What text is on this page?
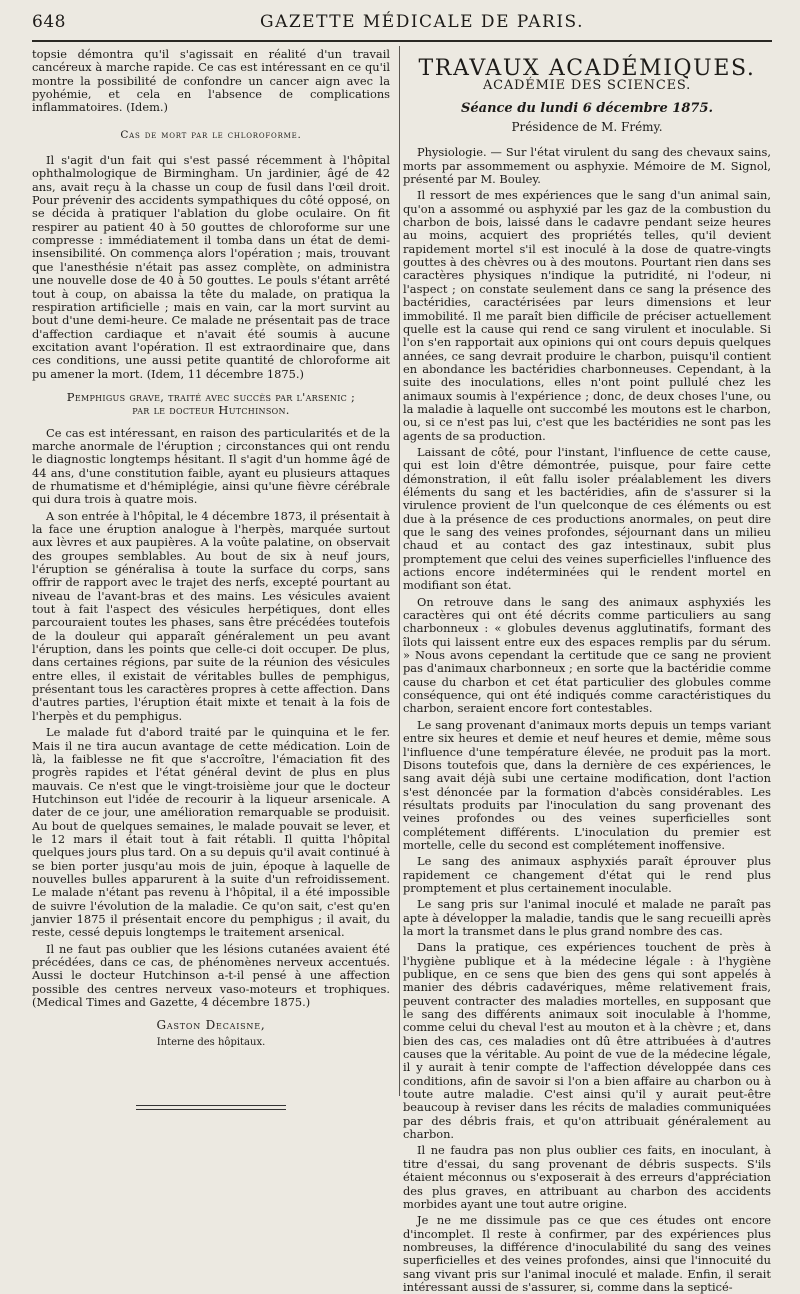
648	GAZETTE MÉDICALE DE PARIS.

topsie démontra qu'il s'agissait en réalité d'un travail cancéreux à marche rapide. Ce cas est intéressant en ce qu'il montre la possibilité de confondre un cancer aign avec la pyohémie, et cela en l'absence de complications inflammatoires. (Idem.)

Cas de mort par le chloroforme.

Il s'agit d'un fait qui s'est passé récemment à l'hôpital ophthalmologique de Birmingham. Un jardinier, âgé de 42 ans, avait reçu à la chasse un coup de fusil dans l'œil droit. Pour prévenir des accidents sympathiques du côté opposé, on se décida à pratiquer l'ablation du globe oculaire. On fit respirer au patient 40 à 50 gouttes de chloroforme sur une compresse : immédiatement il tomba dans un état de demi-insensibilité. On commença alors l'opération ; mais, trouvant que l'anesthésie n'était pas assez complète, on administra une nouvelle dose de 40 à 50 gouttes. Le pouls s'étant arrêté tout à coup, on abaissa la tête du malade, on pratiqua la respiration artificielle ; mais en vain, car la mort survint au bout d'une demi-heure. Ce malade ne présentait pas de trace d'affection cardiaque et n'avait été soumis à aucune excitation avant l'opération. Il est extraordinaire que, dans ces conditions, une aussi petite quantité de chloroforme ait pu amener la mort. (Idem, 11 décembre 1875.)

Pemphigus grave, traité avec succès par l'arsenic ;
par le docteur Hutchinson.

Ce cas est intéressant, en raison des particularités et de la marche anormale de l'éruption ; circonstances qui ont rendu le diagnostic longtemps hésitant. Il s'agit d'un homme âgé de 44 ans, d'une constitution faible, ayant eu plusieurs attaques de rhumatisme et d'hémiplégie, ainsi qu'une fièvre cérébrale qui dura trois à quatre mois.

A son entrée à l'hôpital, le 4 décembre 1873, il présentait à la face une éruption analogue à l'herpès, marquée surtout aux lèvres et aux paupières. A la voûte palatine, on observait des groupes semblables. Au bout de six à neuf jours, l'éruption se généralisa à toute la surface du corps, sans offrir de rapport avec le trajet des nerfs, excepté pourtant au niveau de l'avant-bras et des mains. Les vésicules avaient tout à fait l'aspect des vésicules herpétiques, dont elles parcouraient toutes les phases, sans être précédées toutefois de la douleur qui apparaît généralement un peu avant l'éruption, dans les points que celle-ci doit occuper. De plus, dans certaines régions, par suite de la réunion des vésicules entre elles, il existait de véritables bulles de pemphigus, présentant tous les caractères propres à cette affection. Dans d'autres parties, l'éruption était mixte et tenait à la fois de l'herpès et du pemphigus.

Le malade fut d'abord traité par le quinquina et le fer. Mais il ne tira aucun avantage de cette médication. Loin de là, la faiblesse ne fit que s'accroître, l'émaciation fit des progrès rapides et l'état général devint de plus en plus mauvais. Ce n'est que le vingt-troisième jour que le docteur Hutchinson eut l'idée de recourir à la liqueur arsenicale. A dater de ce jour, une amélioration remarquable se produisit. Au bout de quelques semaines, le malade pouvait se lever, et le 12 mars il était tout à fait rétabli. Il quitta l'hôpital quelques jours plus tard. On a su depuis qu'il avait continué à se bien porter jusqu'au mois de juin, époque à laquelle de nouvelles bulles apparurent à la suite d'un refroidissement. Le malade n'étant pas revenu à l'hôpital, il a été impossible de suivre l'évolution de la maladie. Ce qu'on sait, c'est qu'en janvier 1875 il présentait encore du pemphigus ; il avait, du reste, cessé depuis longtemps le traitement arsenical.

Il ne faut pas oublier que les lésions cutanées avaient été précédées, dans ce cas, de phénomènes nerveux accentués. Aussi le docteur Hutchinson a-t-il pensé à une affection possible des centres nerveux vaso-moteurs et trophiques. (Medical Times and Gazette, 4 décembre 1875.)

Gaston Decaisne,
Interne des hôpitaux.
TRAVAUX ACADÉMIQUES.
ACADÉMIE DES SCIENCES.
Séance du lundi 6 décembre 1875.
Présidence de M. Frémy.

Physiologie. — Sur l'état virulent du sang des chevaux sains, morts par assommement ou asphyxie. Mémoire de M. Signol, présenté par M. Bouley.

Il ressort de mes expériences que le sang d'un animal sain, qu'on a assommé ou asphyxié par les gaz de la combustion du charbon de bois, laissé dans le cadavre pendant seize heures au moins, acquiert des propriétés telles, qu'il devient rapidement mortel s'il est inoculé à la dose de quatre-vingts gouttes à des chèvres ou à des moutons. Pourtant rien dans ses caractères physiques n'indique la putridité, ni l'odeur, ni l'aspect ; on constate seulement dans ce sang la présence des bactéridies, caractérisées par leurs dimensions et leur immobilité. Il me paraît bien difficile de préciser actuellement quelle est la cause qui rend ce sang virulent et inoculable. Si l'on s'en rapportait aux opinions qui ont cours depuis quelques années, ce sang devrait produire le charbon, puisqu'il contient en abondance les bactéridies charbonneuses. Cependant, à la suite des inoculations, elles n'ont point pullulé chez les animaux soumis à l'expérience ; donc, de deux choses l'une, ou la maladie à laquelle ont succombé les moutons est le charbon, ou, si ce n'est pas lui, c'est que les bactéridies ne sont pas les agents de sa production.

Laissant de côté, pour l'instant, l'influence de cette cause, qui est loin d'être démontrée, puisque, pour faire cette démonstration, il eût fallu isoler préalablement les divers éléments du sang et les bactéridies, afin de s'assurer si la virulence provient de l'un quelconque de ces éléments ou est due à la présence de ces productions anormales, on peut dire que le sang des veines profondes, séjournant dans un milieu chaud et au contact des gaz intestinaux, subit plus promptement que celui des veines superficielles l'influence des actions encore indéterminées qui le rendent mortel en modifiant son état.

On retrouve dans le sang des animaux asphyxiés les caractères qui ont été décrits comme particuliers au sang charbonneux : « globules devenus agglutinatifs, formant des îlots qui laissent entre eux des espaces remplis par du sérum. » Nous avons cependant la certitude que ce sang ne provient pas d'animaux charbonneux ; en sorte que la bactéridie comme cause du charbon et cet état particulier des globules comme conséquence, qui ont été indiqués comme caractéristiques du charbon, seraient encore fort contestables.

Le sang provenant d'animaux morts depuis un temps variant entre six heures et demie et neuf heures et demie, même sous l'influence d'une température élevée, ne produit pas la mort. Disons toutefois que, dans la dernière de ces expériences, le sang avait déjà subi une certaine modification, dont l'action s'est dénoncée par la formation d'abcès considérables. Les résultats produits par l'inoculation du sang provenant des veines profondes ou des veines superficielles sont complétement différents. L'inoculation du premier est mortelle, celle du second est complétement inoffensive.

Le sang des animaux asphyxiés paraît éprouver plus rapidement ce changement d'état qui le rend plus promptement et plus certainement inoculable.

Le sang pris sur l'animal inoculé et malade ne paraît pas apte à développer la maladie, tandis que le sang recueilli après la mort la transmet dans le plus grand nombre des cas.

Dans la pratique, ces expériences touchent de près à l'hygiène publique et à la médecine légale : à l'hygiène publique, en ce sens que bien des gens qui sont appelés à manier des débris cadavériques, même relativement frais, peuvent contracter des maladies mortelles, en supposant que le sang des différents animaux soit inoculable à l'homme, comme celui du cheval l'est au mouton et à la chèvre ; et, dans bien des cas, ces maladies ont dû être attribuées à d'autres causes que la véritable. Au point de vue de la médecine légale, il y aurait à tenir compte de l'affection développée dans ces conditions, afin de savoir si l'on a bien affaire au charbon ou à toute autre maladie. C'est ainsi qu'il y aurait peut-être beaucoup à reviser dans les récits de maladies communiquées par des débris frais, et qu'on attribuait généralement au charbon.

Il ne faudra pas non plus oublier ces faits, en inoculant, à titre d'essai, du sang provenant de débris suspects. S'ils étaient méconnus ou s'exposerait à des erreurs d'appréciation des plus graves, en attribuant au charbon des accidents morbides ayant une tout autre origine.

Je ne me dissimule pas ce que ces études ont encore d'incomplet. Il reste à confirmer, par des expériences plus nombreuses, la différence d'inoculabilité du sang des veines superficielles et des veines profondes, ainsi que l'innocuité du sang vivant pris sur l'animal inoculé et malade. Enfin, il serait intéressant aussi de s'assurer, si, comme dans la septicé-
